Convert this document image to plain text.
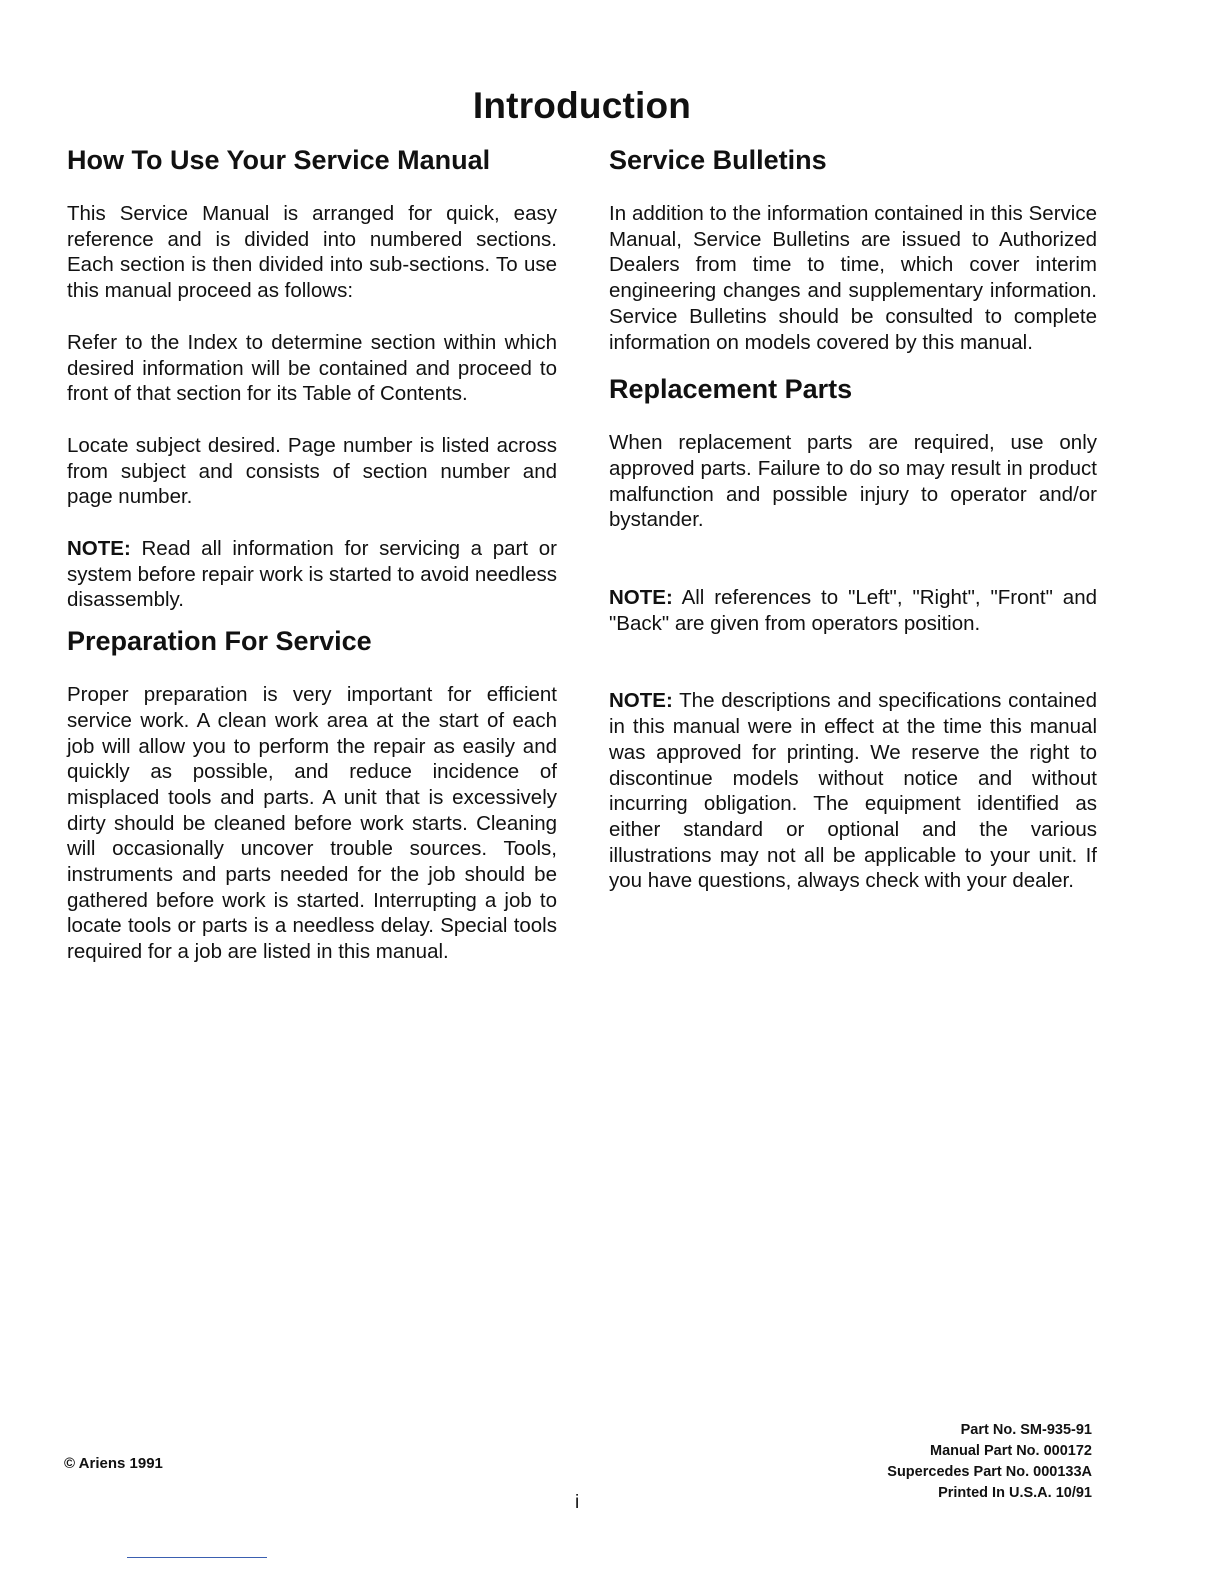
Introduction
How To Use Your Service Manual

This Service Manual is arranged for quick, easy reference and is divided into numbered sections. Each section is then divided into sub-sections. To use this manual proceed as follows:

Refer to the Index to determine section within which desired information will be contained and proceed to front of that section for its Table of Contents.

Locate subject desired. Page number is listed across from subject and consists of section number and page number.

NOTE: Read all information for servicing a part or system before repair work is started to avoid needless disassembly.

Preparation For Service

Proper preparation is very important for efficient service work. A clean work area at the start of each job will allow you to perform the repair as easily and quickly as possible, and reduce incidence of misplaced tools and parts. A unit that is excessively dirty should be cleaned before work starts. Cleaning will occasionally uncover trouble sources. Tools, instruments and parts needed for the job should be gathered before work is started. Interrupting a job to locate tools or parts is a needless delay. Special tools required for a job are listed in this manual.

Service Bulletins

In addition to the information contained in this Service Manual, Service Bulletins are issued to Authorized Dealers from time to time, which cover interim engineering changes and supplementary information. Service Bulletins should be consulted to complete information on models covered by this manual.

Replacement Parts

When replacement parts are required, use only approved parts. Failure to do so may result in product malfunction and possible injury to operator and/or bystander.

NOTE: All references to "Left", "Right", "Front" and "Back" are given from operators position.

NOTE: The descriptions and specifications contained in this manual were in effect at the time this manual was approved for printing. We reserve the right to discontinue models without notice and without incurring obligation. The equipment identified as either standard or optional and the various illustrations may not all be applicable to your unit. If you have questions, always check with your dealer.

© Ariens 1991
Part No. SM-935-91
Manual Part No. 000172
Supercedes Part No. 000133A
Printed In U.S.A. 10/91
i
